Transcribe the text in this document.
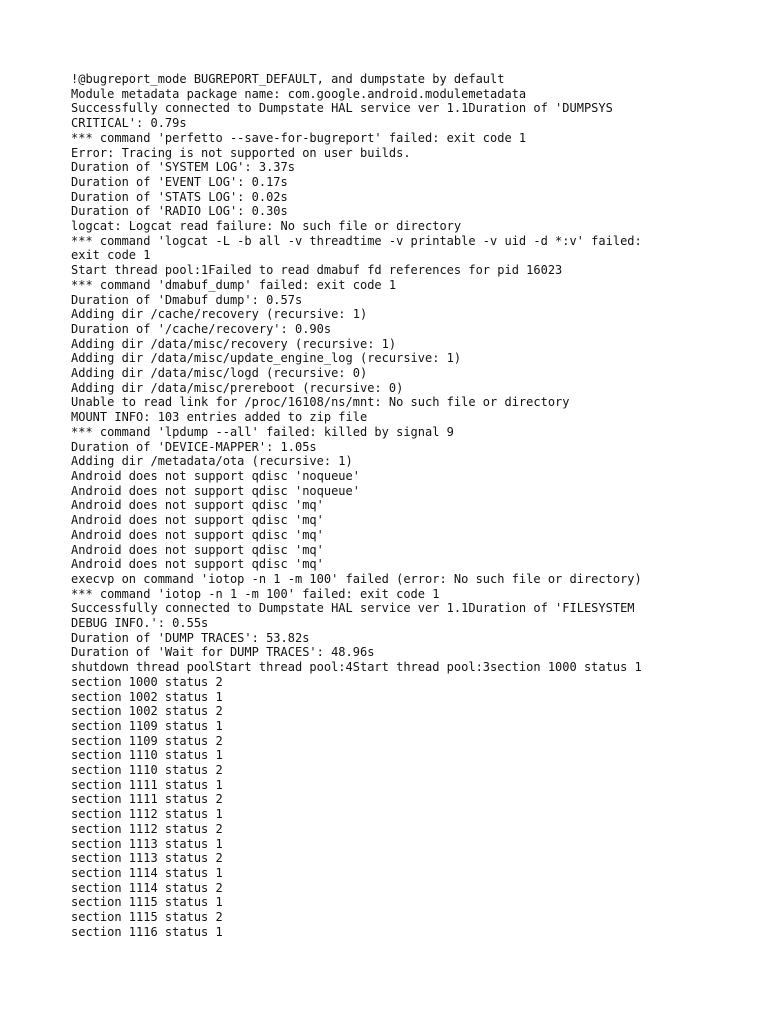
!@bugreport_mode BUGREPORT_DEFAULT, and dumpstate by default

Module metadata package name: com.google.android.modulemetadata

Successfully connected to Dumpstate HAL service ver 1.1Duration of 'DUMPSYS

CRITICAL': 0.79s

*** command 'perfetto --save-for-bugreport' failed: exit code 1

Error: Tracing is not supported on user builds.

Duration of 'SYSTEM LOG': 3.37s

Duration of 'EVENT LOG': 0.17s

Duration of 'STATS LOG': 0.02s

Duration of 'RADIO LOG': 0.30s

logcat: Logcat read failure: No such file or directory

*** command 'logcat -L -b all -v threadtime -v printable -v uid -d *:v' failed:

exit code 1

Start thread pool:1Failed to read dmabuf fd references for pid 16023

*** command 'dmabuf_dump' failed: exit code 1

Duration of 'Dmabuf dump': 0.57s

Adding dir /cache/recovery (recursive: 1)

Duration of '/cache/recovery': 0.90s

Adding dir /data/misc/recovery (recursive: 1)

Adding dir /data/misc/update_engine_log (recursive: 1)

Adding dir /data/misc/logd (recursive: 0)

Adding dir /data/misc/prereboot (recursive: 0)

Unable to read link for /proc/16108/ns/mnt: No such file or directory

MOUNT INFO: 103 entries added to zip file

*** command 'lpdump --all' failed: killed by signal 9

Duration of 'DEVICE-MAPPER': 1.05s

Adding dir /metadata/ota (recursive: 1)

Android does not support qdisc 'noqueue'

Android does not support qdisc 'noqueue'

Android does not support qdisc 'mq'

Android does not support qdisc 'mq'

Android does not support qdisc 'mq'

Android does not support qdisc 'mq'

Android does not support qdisc 'mq'

execvp on command 'iotop -n 1 -m 100' failed (error: No such file or directory)

*** command 'iotop -n 1 -m 100' failed: exit code 1

Successfully connected to Dumpstate HAL service ver 1.1Duration of 'FILESYSTEM

DEBUG INFO.': 0.55s

Duration of 'DUMP TRACES': 53.82s

Duration of 'Wait for DUMP TRACES': 48.96s

shutdown thread poolStart thread pool:4Start thread pool:3section 1000 status 1

section 1000 status 2

section 1002 status 1

section 1002 status 2

section 1109 status 1

section 1109 status 2

section 1110 status 1

section 1110 status 2

section 1111 status 1

section 1111 status 2

section 1112 status 1

section 1112 status 2

section 1113 status 1

section 1113 status 2

section 1114 status 1

section 1114 status 2

section 1115 status 1

section 1115 status 2

section 1116 status 1
